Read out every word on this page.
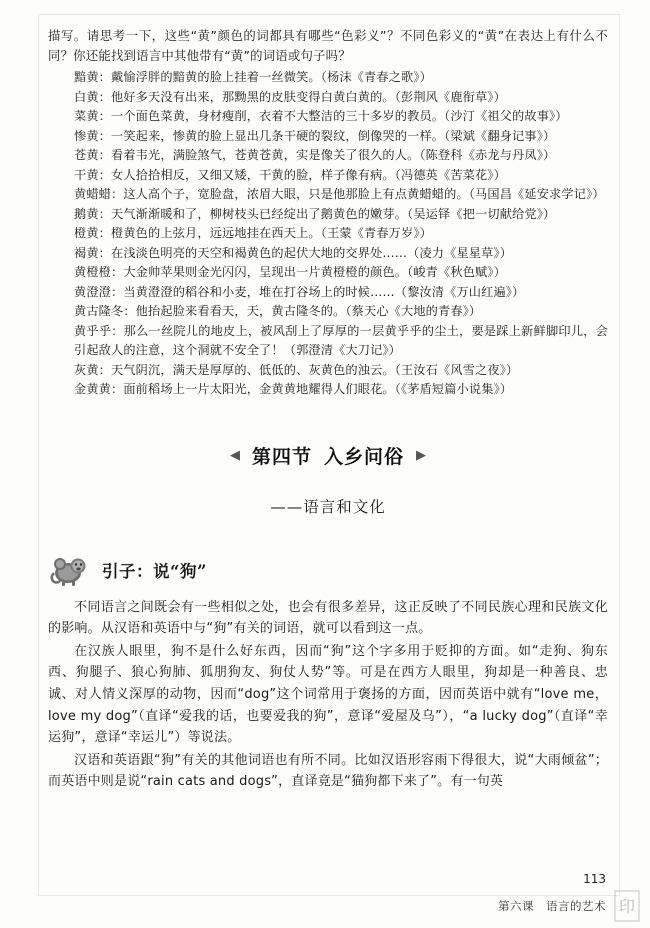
描写。请思考一下，这些“黄”颜色的词都具有哪些“色彩义”？不同色彩义的“黄”在表达上有什么不同？你还能找到语言中其他带有“黄”的词语或句子吗？

黯黄：戴愉浮胖的黯黄的脸上挂着一丝微笑。（杨沫《青春之歌》）

白黄：他好多天没有出来，那黝黑的皮肤变得白黄白黄的。（彭荆风《鹿衔草》）

菜黄：一个面色菜黄，身材瘦削，衣着不大整洁的三十多岁的教员。（沙汀《祖父的故事》）

惨黄：一笑起来，惨黄的脸上显出几条干硬的裂纹，倒像哭的一样。（梁斌《翻身记事》）

苍黄：看着韦光，满脸煞气，苍黄苍黄，实是像关了很久的人。（陈登科《赤龙与丹凤》）

干黄：女人拾拾相反，又细又矮，干黄的脸，样子像有病。（冯德英《苦菜花》）

黄蜡蜡：这人高个子，宽脸盘，浓眉大眼，只是他那脸上有点黄蜡蜡的。（马国昌《延安求学记》）

鹅黄：天气渐渐暖和了，柳树枝头已经绽出了鹅黄色的嫩芽。（吴运铎《把一切献给党》）

橙黄：橙黄色的上弦月，远远地挂在西天上。（王蒙《青春万岁》）

褐黄：在浅淡色明亮的天空和褐黄色的起伏大地的交界处……（凌力《星星草》）

黄橙橙：大金帅苹果则金光闪闪，呈现出一片黄橙橙的颜色。（峻青《秋色赋》）

黄澄澄：当黄澄澄的稻谷和小麦，堆在打谷场上的时候……（黎汝清《万山红遍》）

黄古隆冬：他抬起脸来看看天，天，黄古隆冬的。（蔡天心《大地的青春》）

黄乎乎：那么一丝院儿的地皮上，被风刮上了厚厚的一层黄乎乎的尘土，要是踩上新鲜脚印儿，会引起敌人的注意，这个洞就不安全了！（郭澄清《大刀记》）

灰黄：天气阴沉，满天是厚厚的、低低的、灰黄色的浊云。（王汝石《风雪之夜》）

金黄黄：面前稻场上一片太阳光，金黄黄地耀得人们眼花。（《茅盾短篇小说集》）

◀ 第四节 入乡问俗 ▶
——语言和文化
引子：说“狗”

不同语言之间既会有一些相似之处，也会有很多差异，这正反映了不同民族心理和民族文化的影响。从汉语和英语中与“狗”有关的词语，就可以看到这一点。

在汉族人眼里，狗不是什么好东西，因而“狗”这个字多用于贬抑的方面。如“走狗、狗东西、狗腿子、狼心狗肺、狐朋狗友、狗仗人势”等。可是在西方人眼里，狗却是一种善良、忠诚、对人情义深厚的动物，因而“dog”这个词常用于褒扬的方面，因而英语中就有“love me，love my dog”（直译“爱我的话，也要爱我的狗”，意译“爱屋及乌”），“a lucky dog”（直译“幸运狗”，意译“幸运儿”）等说法。

汉语和英语跟“狗”有关的其他词语也有所不同。比如汉语形容雨下得很大，说“大雨倾盆”；而英语中则是说“rain cats and dogs”，直译竟是“猫狗都下来了”。有一句英

113
第六课　语言的艺术 印
